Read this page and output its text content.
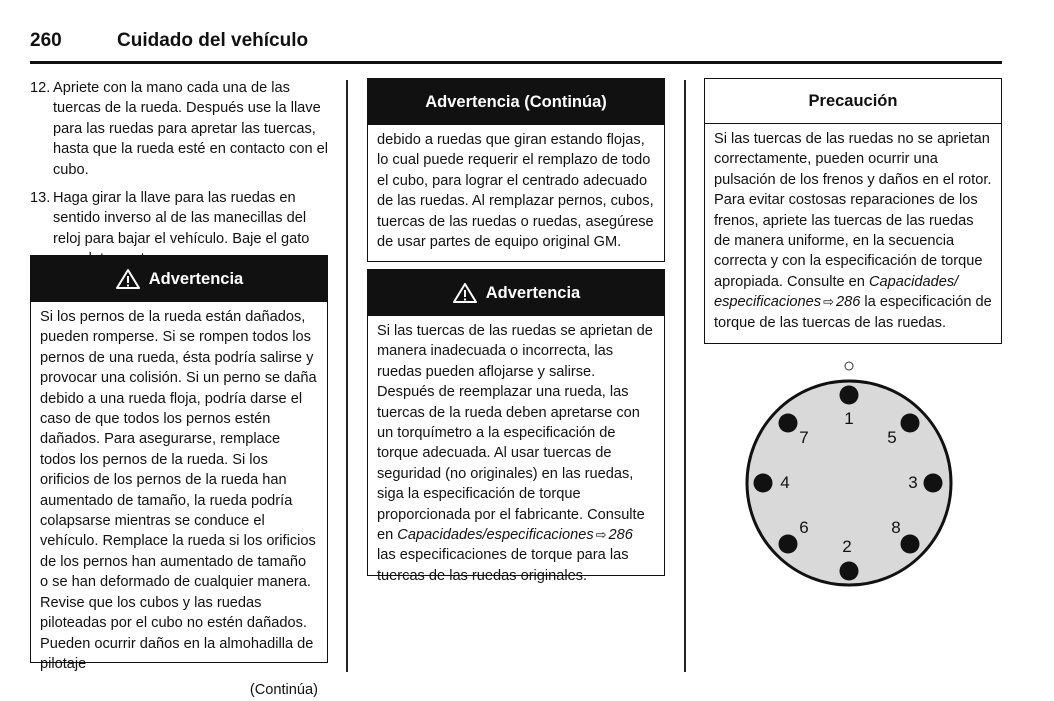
260	Cuidado del vehículo

12. Apriete con la mano cada una de las tuercas de la rueda. Después use la llave para las ruedas para apretar las tuercas, hasta que la rueda esté en contacto con el cubo.

13. Haga girar la llave para las ruedas en sentido inverso al de las manecillas del reloj para bajar el vehículo. Baje el gato

Advertencia

Si los pernos de la rueda están dañados, pueden romperse. Si se rompen todos los pernos de una rueda, ésta podría salirse y provocar una colisión. Si un perno se daña debido a una rueda floja, podría darse el caso de que todos los pernos estén dañados. Para asegurarse, remplace todos los pernos de la rueda. Si los orificios de los pernos de la rueda han aumentado de tamaño, la rueda podría colapsarse mientras se conduce el vehículo. Remplace la rueda si los orificios de los pernos han aumentado de tamaño o se han deformado de cualquier manera. Revise que los cubos y las ruedas piloteadas por el cubo no estén dañados. Pueden ocurrir daños en la almohadilla de pilotaje

(Continúa)

Advertencia (Continúa)

debido a ruedas que giran estando flojas, lo cual puede requerir el remplazo de todo el cubo, para lograr el centrado adecuado de las ruedas. Al remplazar pernos, cubos, tuercas de las ruedas o ruedas, asegúrese de usar partes de equipo original GM.

Advertencia

Si las tuercas de las ruedas se aprietan de manera inadecuada o incorrecta, las ruedas pueden aflojarse y salirse. Después de reemplazar una rueda, las tuercas de la rueda deben apretarse con un torquímetro a la especificación de torque adecuada. Al usar tuercas de seguridad (no originales) en las ruedas, siga la especificación de torque proporcionada por el fabricante. Consulte en Capacidades/especificaciones ⇨ 286 las especificaciones de torque para las tuercas de las ruedas originales.

Precaución

Si las tuercas de las ruedas no se aprietan correctamente, pueden ocurrir una pulsación de los frenos y daños en el rotor. Para evitar costosas reparaciones de los frenos, apriete las tuercas de las ruedas de manera uniforme, en la secuencia correcta y con la especificación de torque apropiada. Consulte en Capacidades/ especificaciones ⇨ 286 la especificación de torque de las tuercas de las ruedas.

1
2
3
4
5
6
7
8
